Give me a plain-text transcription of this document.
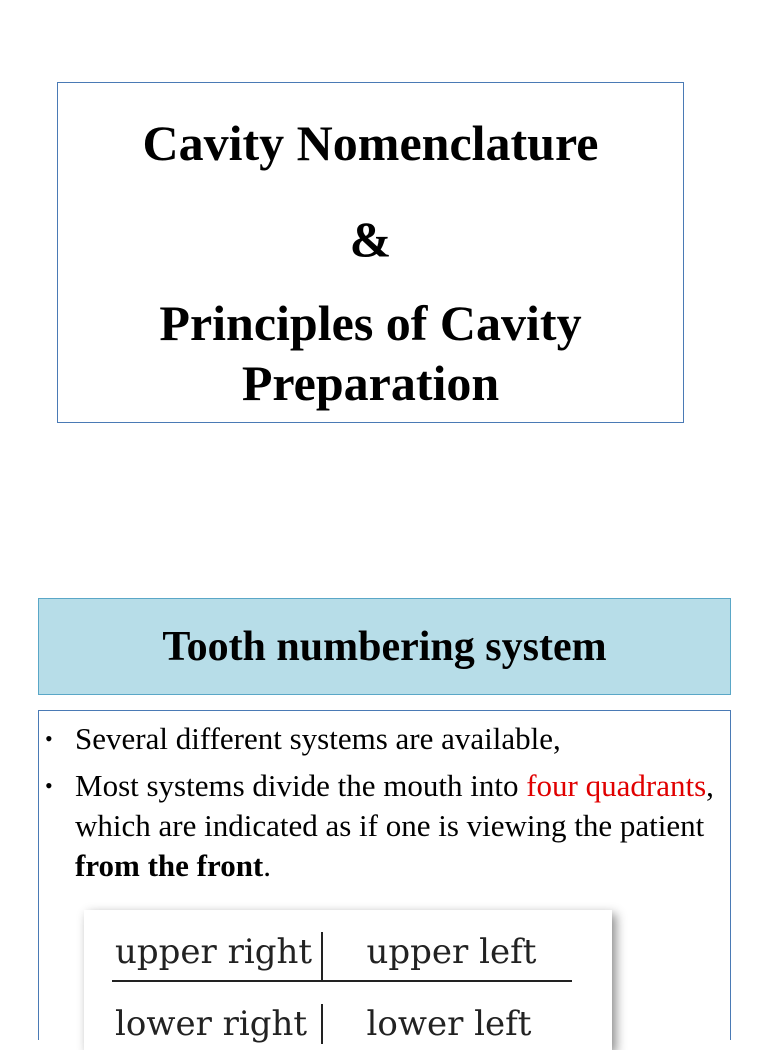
Cavity Nomenclature
&
Principles of Cavity
Preparation
Tooth numbering system
• Several different systems are available,
• Most systems divide the mouth into four quadrants, which are indicated as if one is viewing the patient from the front.
upper right	upper left
lower right	lower left
